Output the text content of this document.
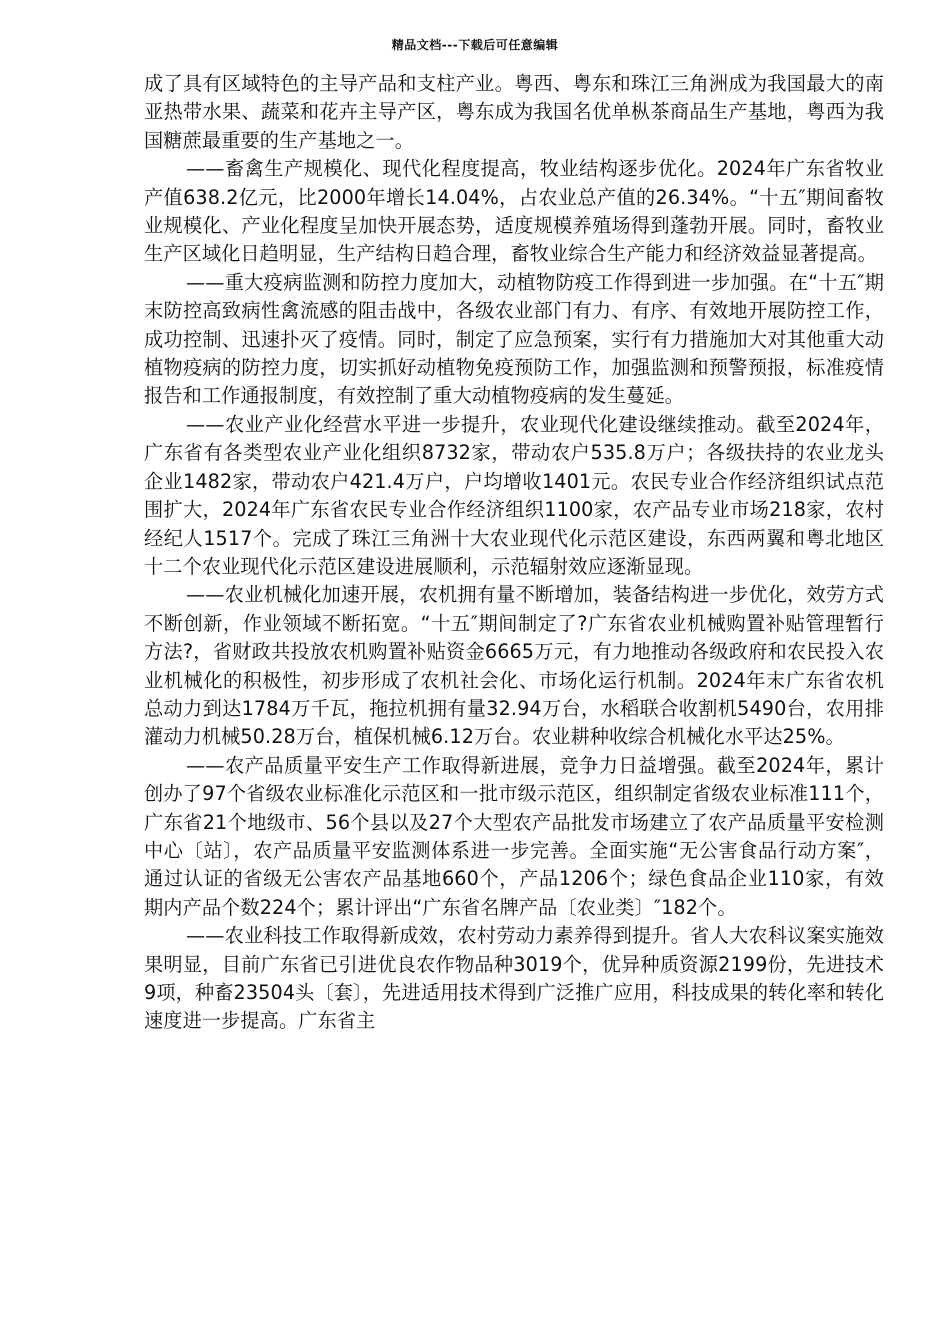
精品文档---下载后可任意编辑

成了具有区域特色的主导产品和支柱产业。粤西、粤东和珠江三角洲成为我国最大的南亚热带水果、蔬菜和花卉主导产区，粤东成为我国名优单枞茶商品生产基地，粤西为我国糖蔗最重要的生产基地之一。

——畜禽生产规模化、现代化程度提高，牧业结构逐步优化。2024年广东省牧业产值638.2亿元，比2000年增长14.04%，占农业总产值的26.34%。“十五″期间畜牧业规模化、产业化程度呈加快开展态势，适度规模养殖场得到蓬勃开展。同时，畜牧业生产区域化日趋明显，生产结构日趋合理，畜牧业综合生产能力和经济效益显著提高。

——重大疫病监测和防控力度加大，动植物防疫工作得到进一步加强。在“十五″期末防控高致病性禽流感的阻击战中，各级农业部门有力、有序、有效地开展防控工作，成功控制、迅速扑灭了疫情。同时，制定了应急预案，实行有力措施加大对其他重大动植物疫病的防控力度，切实抓好动植物免疫预防工作，加强监测和预警预报，标准疫情报告和工作通报制度，有效控制了重大动植物疫病的发生蔓延。

——农业产业化经营水平进一步提升，农业现代化建设继续推动。截至2024年，广东省有各类型农业产业化组织8732家，带动农户535.8万户；各级扶持的农业龙头企业1482家，带动农户421.4万户，户均增收1401元。农民专业合作经济组织试点范围扩大，2024年广东省农民专业合作经济组织1100家，农产品专业市场218家，农村经纪人1517个。完成了珠江三角洲十大农业现代化示范区建设，东西两翼和粤北地区十二个农业现代化示范区建设进展顺利，示范辐射效应逐渐显现。

——农业机械化加速开展，农机拥有量不断增加，装备结构进一步优化，效劳方式不断创新，作业领域不断拓宽。“十五″期间制定了?广东省农业机械购置补贴管理暂行方法?，省财政共投放农机购置补贴资金6665万元，有力地推动各级政府和农民投入农业机械化的积极性，初步形成了农机社会化、市场化运行机制。2024年末广东省农机总动力到达1784万千瓦，拖拉机拥有量32.94万台，水稻联合收割机5490台，农用排灌动力机械50.28万台，植保机械6.12万台。农业耕种收综合机械化水平达25%。

——农产品质量平安生产工作取得新进展，竞争力日益增强。截至2024年，累计创办了97个省级农业标准化示范区和一批市级示范区，组织制定省级农业标准111个，广东省21个地级市、56个县以及27个大型农产品批发市场建立了农产品质量平安检测中心〔站〕，农产品质量平安监测体系进一步完善。全面实施“无公害食品行动方案″，通过认证的省级无公害农产品基地660个，产品1206个；绿色食品企业110家，有效期内产品个数224个；累计评出“广东省名牌产品〔农业类〕″182个。

——农业科技工作取得新成效，农村劳动力素养得到提升。省人大农科议案实施效果明显，目前广东省已引进优良农作物品种3019个，优异种质资源2199份，先进技术9项，种畜23504头〔套〕，先进适用技术得到广泛推广应用，科技成果的转化率和转化速度进一步提高。广东省主
